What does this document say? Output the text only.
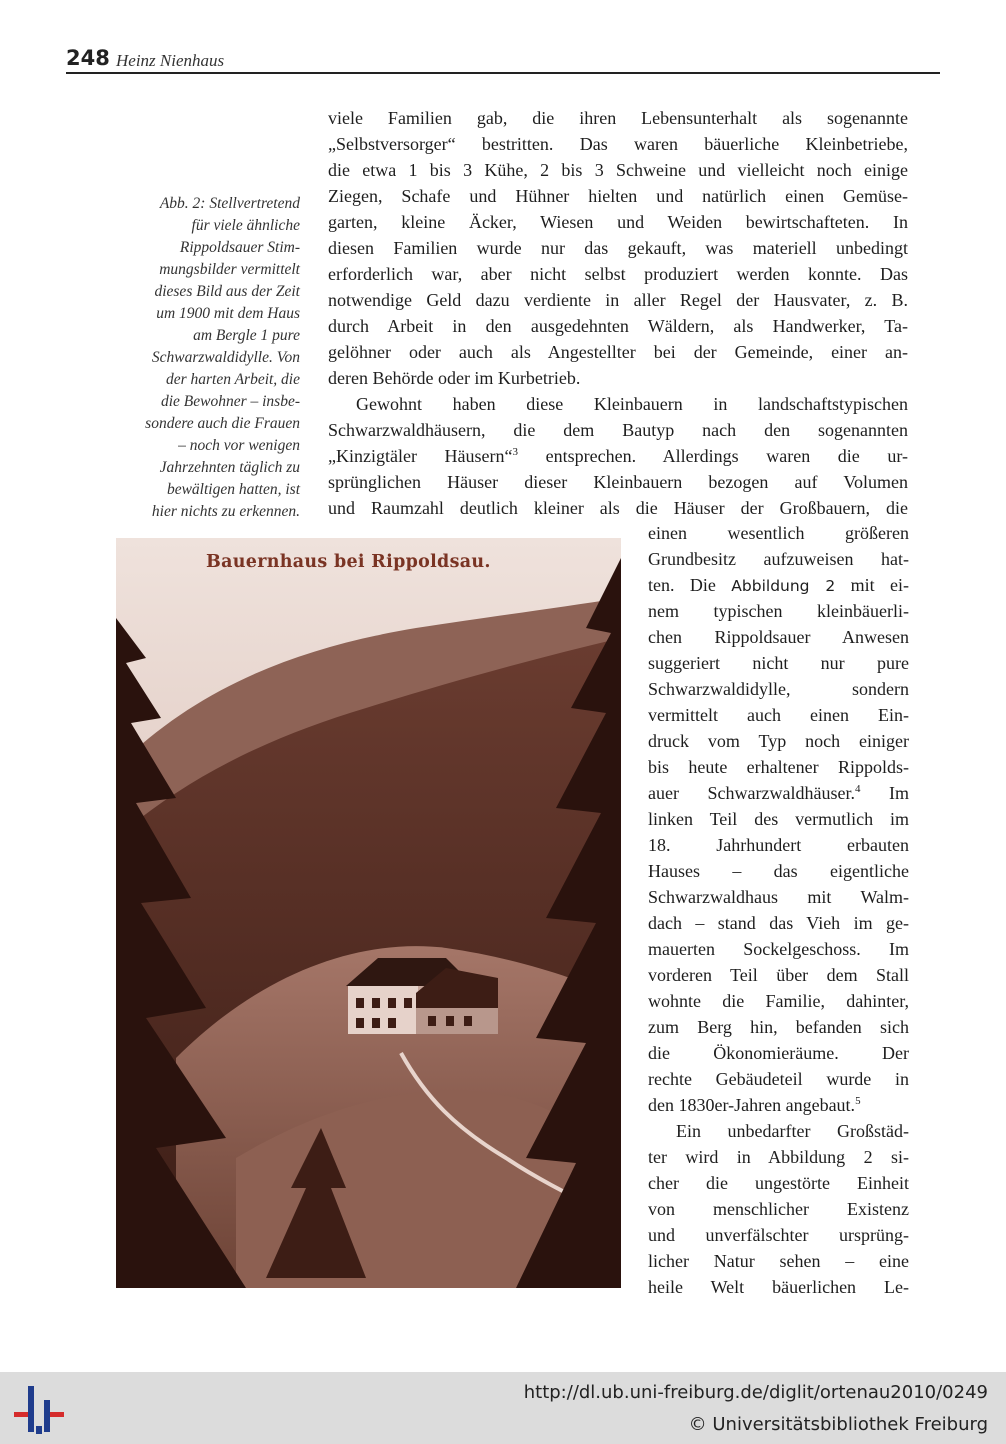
248 Heinz Nienhaus
Abb. 2: Stellvertretend
für viele ähnliche
Rippoldsauer Stim-
mungsbilder vermittelt
dieses Bild aus der Zeit
um 1900 mit dem Haus
am Bergle 1 pure
Schwarzwaldidylle. Von
der harten Arbeit, die
die Bewohner – insbe-
sondere auch die Frauen
– noch vor wenigen
Jahrzehnten täglich zu
bewältigen hatten, ist
hier nichts zu erkennen.
viele Familien gab, die ihren Lebensunterhalt als sogenannte
„Selbstversorger“ bestritten. Das waren bäuerliche Kleinbetriebe,
die etwa 1 bis 3 Kühe, 2 bis 3 Schweine und vielleicht noch einige
Ziegen, Schafe und Hühner hielten und natürlich einen Gemüse-
garten, kleine Äcker, Wiesen und Weiden bewirtschafteten. In
diesen Familien wurde nur das gekauft, was materiell unbedingt
erforderlich war, aber nicht selbst produziert werden konnte. Das
notwendige Geld dazu verdiente in aller Regel der Hausvater, z. B.
durch Arbeit in den ausgedehnten Wäldern, als Handwerker, Ta-
gelöhner oder auch als Angestellter bei der Gemeinde, einer an-
deren Behörde oder im Kurbetrieb.
Gewohnt haben diese Kleinbauern in landschaftstypischen
Schwarzwaldhäusern, die dem Bautyp nach den sogenannten
„Kinzigtäler Häusern“$^3$ entsprechen. Allerdings waren die ur-
sprünglichen Häuser dieser Kleinbauern bezogen auf Volumen
und Raumzahl deutlich kleiner als die Häuser der Großbauern, die
einen wesentlich größeren
Grundbesitz aufzuweisen hat-
ten. Die Abbildung 2 mit ei-
nem typischen kleinbäuerli-
chen Rippoldsauer Anwesen
suggeriert nicht nur pure
Schwarzwaldidylle, sondern
vermittelt auch einen Ein-
druck vom Typ noch einiger
bis heute erhaltener Rippolds-
auer Schwarzwaldhäuser.$^4$ Im
linken Teil des vermutlich im
18. Jahrhundert erbauten
Hauses – das eigentliche
Schwarzwaldhaus mit Walm-
dach – stand das Vieh im ge-
mauerten Sockelgeschoss. Im
vorderen Teil über dem Stall
wohnte die Familie, dahinter,
zum Berg hin, befanden sich
die Ökonomieräume. Der
rechte Gebäudeteil wurde in
den 1830er-Jahren angebaut.$^5$
Ein unbedarfter Großstäd-
ter wird in Abbildung 2 si-
cher die ungestörte Einheit
von menschlicher Existenz
und unverfälschter ursprüng-
licher Natur sehen – eine
heile Welt bäuerlichen Le-
Bauernhaus bei Rippoldsau.
http://dl.ub.uni-freiburg.de/diglit/ortenau2010/0249
© Universitätsbibliothek Freiburg
